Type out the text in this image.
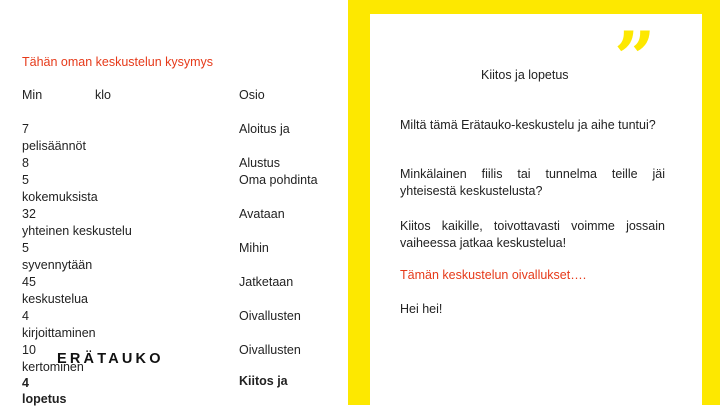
Tähän oman keskustelun kysymys
Min	klo	Osio
7
pelisäännöt
8
5
kokemuksista
32
yhteinen keskustelu
5
syvennytään
45
keskustelua
4
kirjoittaminen
10
kertominen
4
lopetus
Aloitus ja
Alustus
Oma pohdinta
Avataan
Mihin
Jatketaan
Oivallusten
Oivallusten
Kiitos ja
ERÄTAUKO
”
Kiitos ja lopetus
Miltä tämä Erätauko-keskustelu ja aihe tuntui?
Minkälainen fiilis tai tunnelma teille jäi yhteisestä keskustelusta?
Kiitos kaikille, toivottavasti voimme jossain vaiheessa jatkaa keskustelua!
Tämän keskustelun oivallukset….
Hei hei!
